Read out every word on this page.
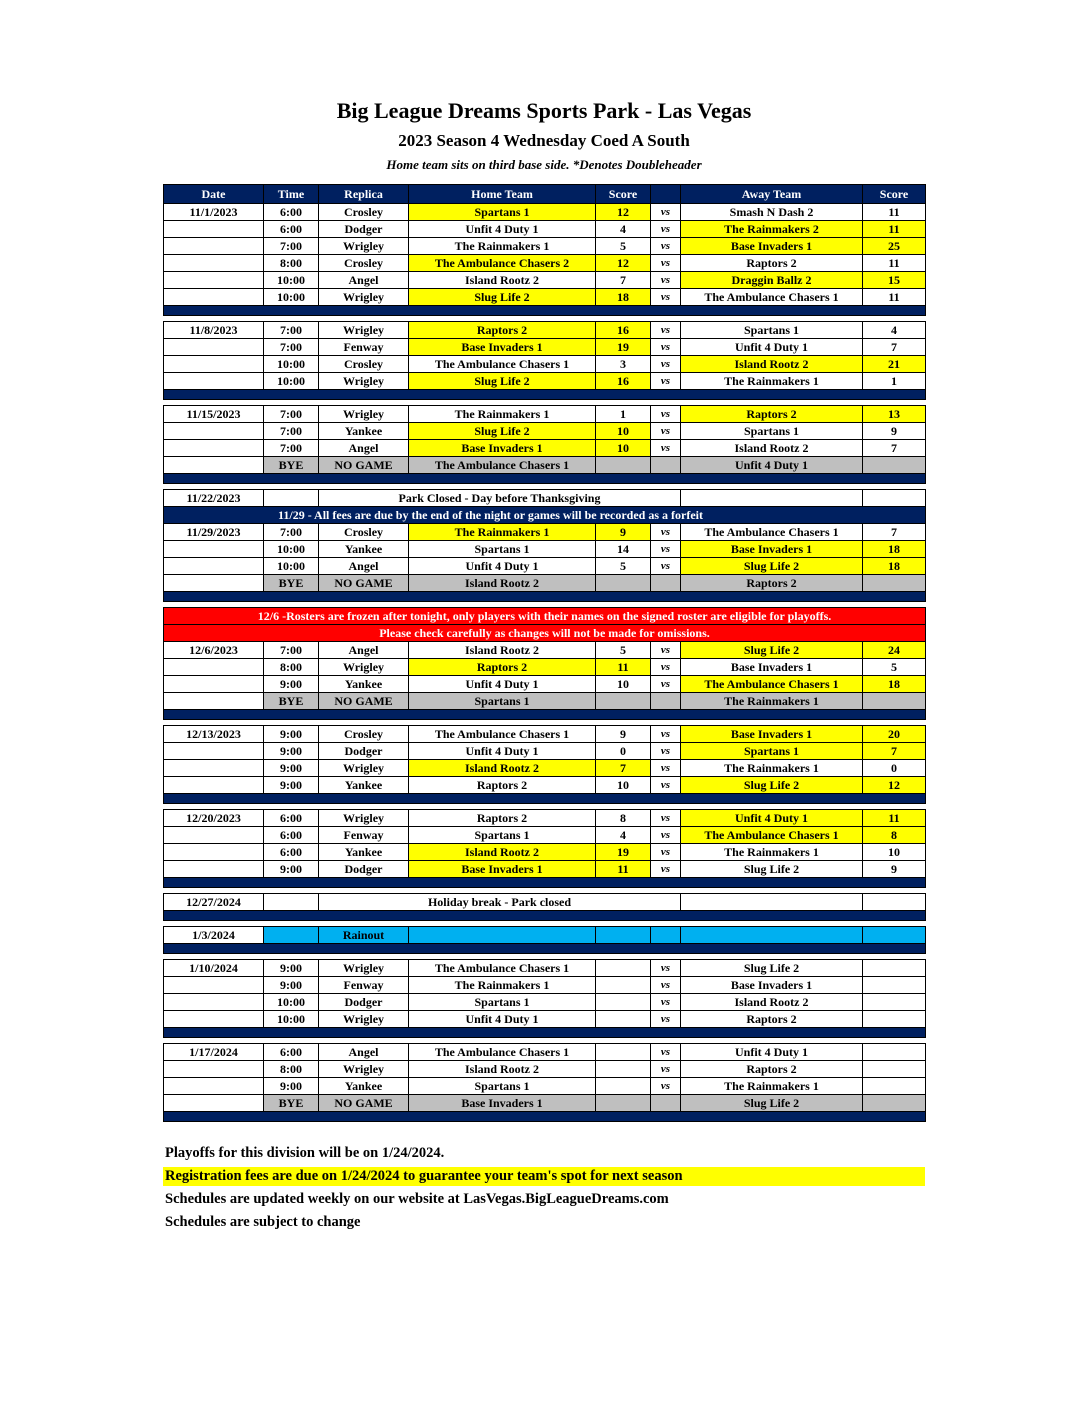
Big League Dreams Sports Park - Las Vegas
2023 Season 4 Wednesday Coed A South
Home team sits on third base side. *Denotes Doubleheader
Date	Time	Replica	Home Team	Score		Away Team	Score
11/1/2023	6:00	Crosley	Spartans 1	12	vs	Smash N Dash 2	11
	6:00	Dodger	Unfit 4 Duty 1	4	vs	The Rainmakers 2	11
	7:00	Wrigley	The Rainmakers 1	5	vs	Base Invaders 1	25
	8:00	Crosley	The Ambulance Chasers 2	12	vs	Raptors 2	11
	10:00	Angel	Island Rootz 2	7	vs	Draggin Ballz 2	15
	10:00	Wrigley	Slug Life 2	18	vs	The Ambulance Chasers 1	11

11/8/2023	7:00	Wrigley	Raptors 2	16	vs	Spartans 1	4
	7:00	Fenway	Base Invaders 1	19	vs	Unfit 4 Duty 1	7
	10:00	Crosley	The Ambulance Chasers 1	3	vs	Island Rootz 2	21
	10:00	Wrigley	Slug Life 2	16	vs	The Rainmakers 1	1

11/15/2023	7:00	Wrigley	The Rainmakers 1	1	vs	Raptors 2	13
	7:00	Yankee	Slug Life 2	10	vs	Spartans 1	9
	7:00	Angel	Base Invaders 1	10	vs	Island Rootz 2	7
	BYE	NO GAME	The Ambulance Chasers 1			Unfit 4 Duty 1	

11/22/2023		Park Closed - Day before Thanksgiving					
11/29 - All fees are due by the end of the night or games will be recorded as a forfeit							
11/29/2023	7:00	Crosley	The Rainmakers 1	9	vs	The Ambulance Chasers 1	7
	10:00	Yankee	Spartans 1	14	vs	Base Invaders 1	18
	10:00	Angel	Unfit 4 Duty 1	5	vs	Slug Life 2	18
	BYE	NO GAME	Island Rootz 2			Raptors 2	

12/6 -Rosters are frozen after tonight, only players with their names on the signed roster are eligible for playoffs.							
Please check carefully as changes will not be made for omissions.							
12/6/2023	7:00	Angel	Island Rootz 2	5	vs	Slug Life 2	24
	8:00	Wrigley	Raptors 2	11	vs	Base Invaders 1	5
	9:00	Yankee	Unfit 4 Duty 1	10	vs	The Ambulance Chasers 1	18
	BYE	NO GAME	Spartans 1			The Rainmakers 1	

12/13/2023	9:00	Crosley	The Ambulance Chasers 1	9	vs	Base Invaders 1	20
	9:00	Dodger	Unfit 4 Duty 1	0	vs	Spartans 1	7
	9:00	Wrigley	Island Rootz 2	7	vs	The Rainmakers 1	0
	9:00	Yankee	Raptors 2	10	vs	Slug Life 2	12

12/20/2023	6:00	Wrigley	Raptors 2	8	vs	Unfit 4 Duty 1	11
	6:00	Fenway	Spartans 1	4	vs	The Ambulance Chasers 1	8
	6:00	Yankee	Island Rootz 2	19	vs	The Rainmakers 1	10
	9:00	Dodger	Base Invaders 1	11	vs	Slug Life 2	9

12/27/2024		Holiday break - Park closed					

1/3/2024		Rainout					

1/10/2024	9:00	Wrigley	The Ambulance Chasers 1		vs	Slug Life 2	
	9:00	Fenway	The Rainmakers 1		vs	Base Invaders 1	
	10:00	Dodger	Spartans 1		vs	Island Rootz 2	
	10:00	Wrigley	Unfit 4 Duty 1		vs	Raptors 2	

1/17/2024	6:00	Angel	The Ambulance Chasers 1		vs	Unfit 4 Duty 1	
	8:00	Wrigley	Island Rootz 2		vs	Raptors 2	
	9:00	Yankee	Spartans 1		vs	The Rainmakers 1	
	BYE	NO GAME	Base Invaders 1			Slug Life 2	

Playoffs for this division will be on 1/24/2024.
Registration fees are due on 1/24/2024 to guarantee your team's spot for next season
Schedules are updated weekly on our website at LasVegas.BigLeagueDreams.com
Schedules are subject to change
